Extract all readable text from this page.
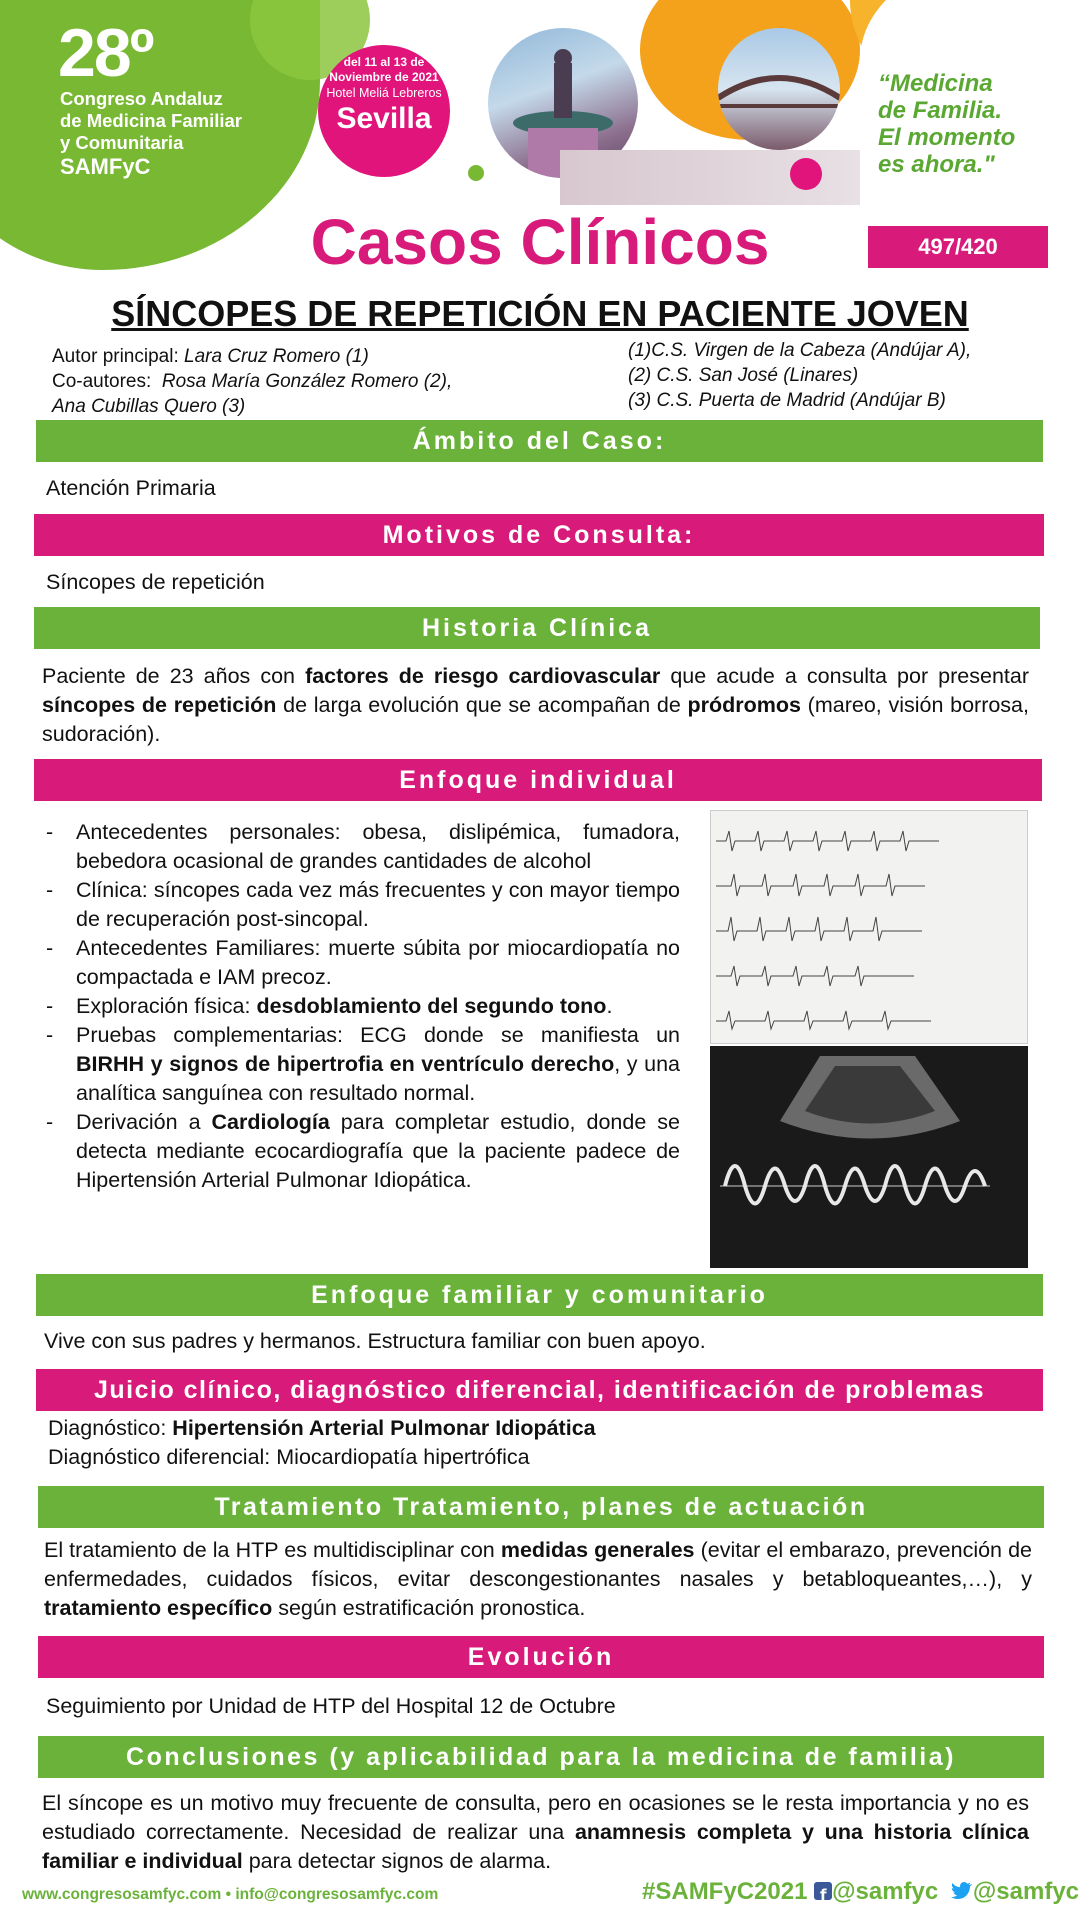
28º
Congreso Andaluz
de Medicina Familiar
y Comunitaria
SAMFyC
del 11 al 13 de
Noviembre de 2021
Hotel Meliá Lebreros
Sevilla
“Medicina
de Familia.
El momento
es ahora."
Casos Clínicos	497/420
SÍNCOPES DE REPETICIÓN EN PACIENTE JOVEN
Autor principal: Lara Cruz Romero (1)
Co-autores: Rosa María González Romero (2),
Ana Cubillas Quero (3)
(1)C.S. Virgen de la Cabeza (Andújar A),
(2) C.S. San José (Linares)
(3) C.S. Puerta de Madrid (Andújar B)
Ámbito del Caso:
Atención Primaria
Motivos de Consulta:
Síncopes de repetición
Historia Clínica
Paciente de 23 años con factores de riesgo cardiovascular que acude a consulta por presentar síncopes de repetición de larga evolución que se acompañan de pródromos (mareo, visión borrosa, sudoración).
Enfoque individual
- Antecedentes personales: obesa, dislipémica, fumadora, bebedora ocasional de grandes cantidades de alcohol
- Clínica: síncopes cada vez más frecuentes y con mayor tiempo de recuperación post-sincopal.
- Antecedentes Familiares: muerte súbita por miocardiopatía no compactada e IAM precoz.
- Exploración física: desdoblamiento del segundo tono.
- Pruebas complementarias: ECG donde se manifiesta un BIRHH y signos de hipertrofia en ventrículo derecho, y una analítica sanguínea con resultado normal.
- Derivación a Cardiología para completar estudio, donde se detecta mediante ecocardiografía que la paciente padece de Hipertensión Arterial Pulmonar Idiopática.
Enfoque familiar y comunitario
Vive con sus padres y hermanos. Estructura familiar con buen apoyo.
Juicio clínico, diagnóstico diferencial, identificación de problemas
Diagnóstico: Hipertensión Arterial Pulmonar Idiopática
Diagnóstico diferencial: Miocardiopatía hipertrófica
Tratamiento Tratamiento, planes de actuación
El tratamiento de la HTP es multidisciplinar con medidas generales (evitar el embarazo, prevención de enfermedades, cuidados físicos, evitar descongestionantes nasales y betabloqueantes,…), y tratamiento específico según estratificación pronostica.
Evolución
Seguimiento por Unidad de HTP del Hospital 12 de Octubre
Conclusiones (y aplicabilidad para la medicina de familia)
El síncope es un motivo muy frecuente de consulta, pero en ocasiones se le resta importancia y no es estudiado correctamente. Necesidad de realizar una anamnesis completa y una historia clínica familiar e individual para detectar signos de alarma.
www.congresosamfyc.com • info@congresosamfyc.com	#SAMFyC2021 f @samfyc @samfyc
